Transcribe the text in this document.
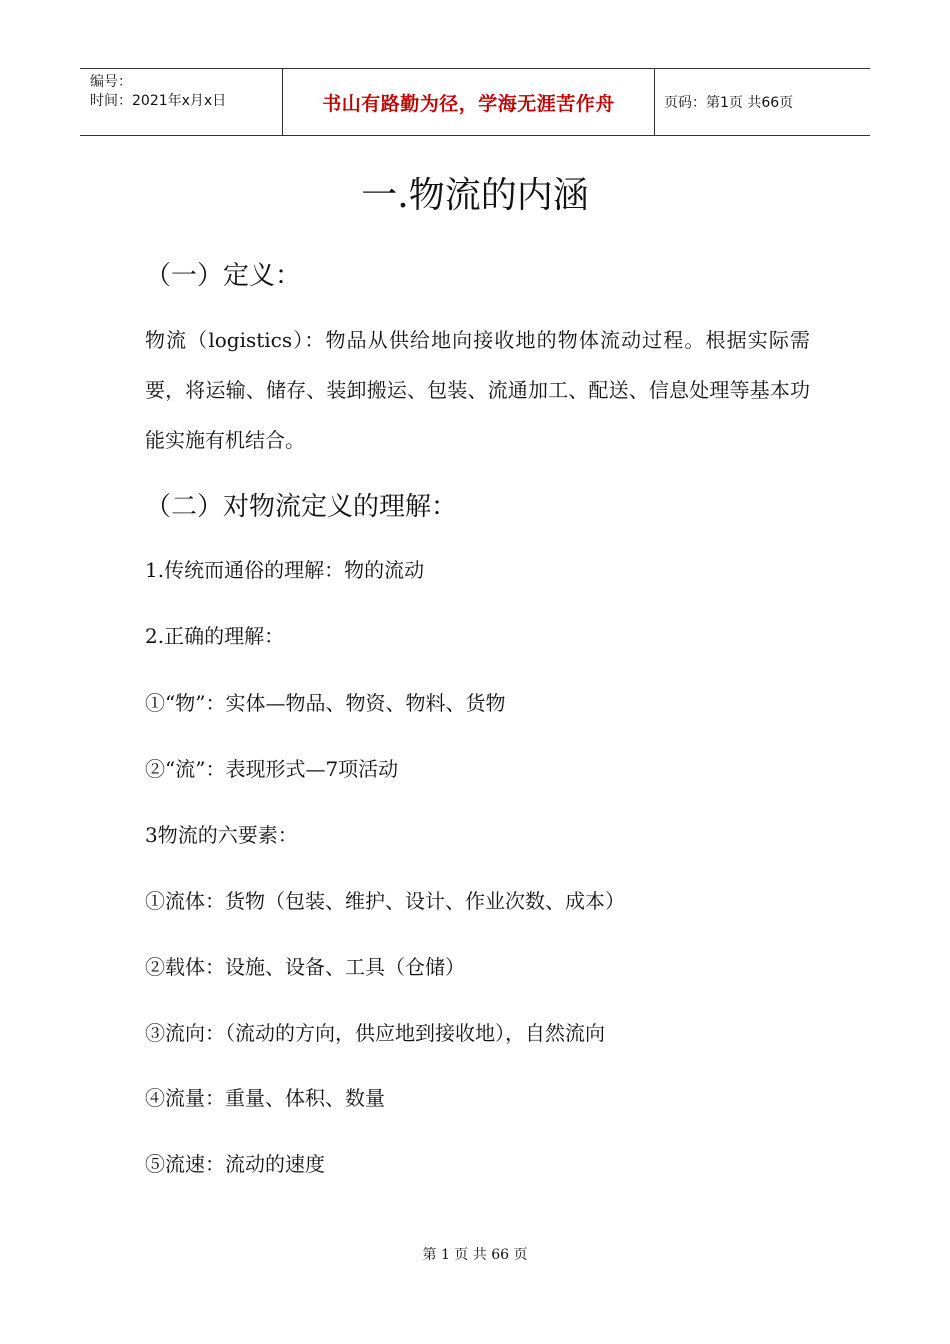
编号：
时间：2021年x月x日	书山有路勤为径，学海无涯苦作舟	页码：第1页 共66页
一.物流的内涵
（一）定义：
物流（logistics）：物品从供给地向接收地的物体流动过程。根据实际需要，将运输、储存、装卸搬运、包装、流通加工、配送、信息处理等基本功能实施有机结合。
（二）对物流定义的理解：
1.传统而通俗的理解：物的流动
2.正确的理解：
①“物”：实体—物品、物资、物料、货物
②“流”：表现形式—7项活动
3物流的六要素：
①流体：货物（包装、维护、设计、作业次数、成本）
②载体：设施、设备、工具（仓储）
③流向：（流动的方向，供应地到接收地），自然流向
④流量：重量、体积、数量
⑤流速：流动的速度
第 1 页 共 66 页
